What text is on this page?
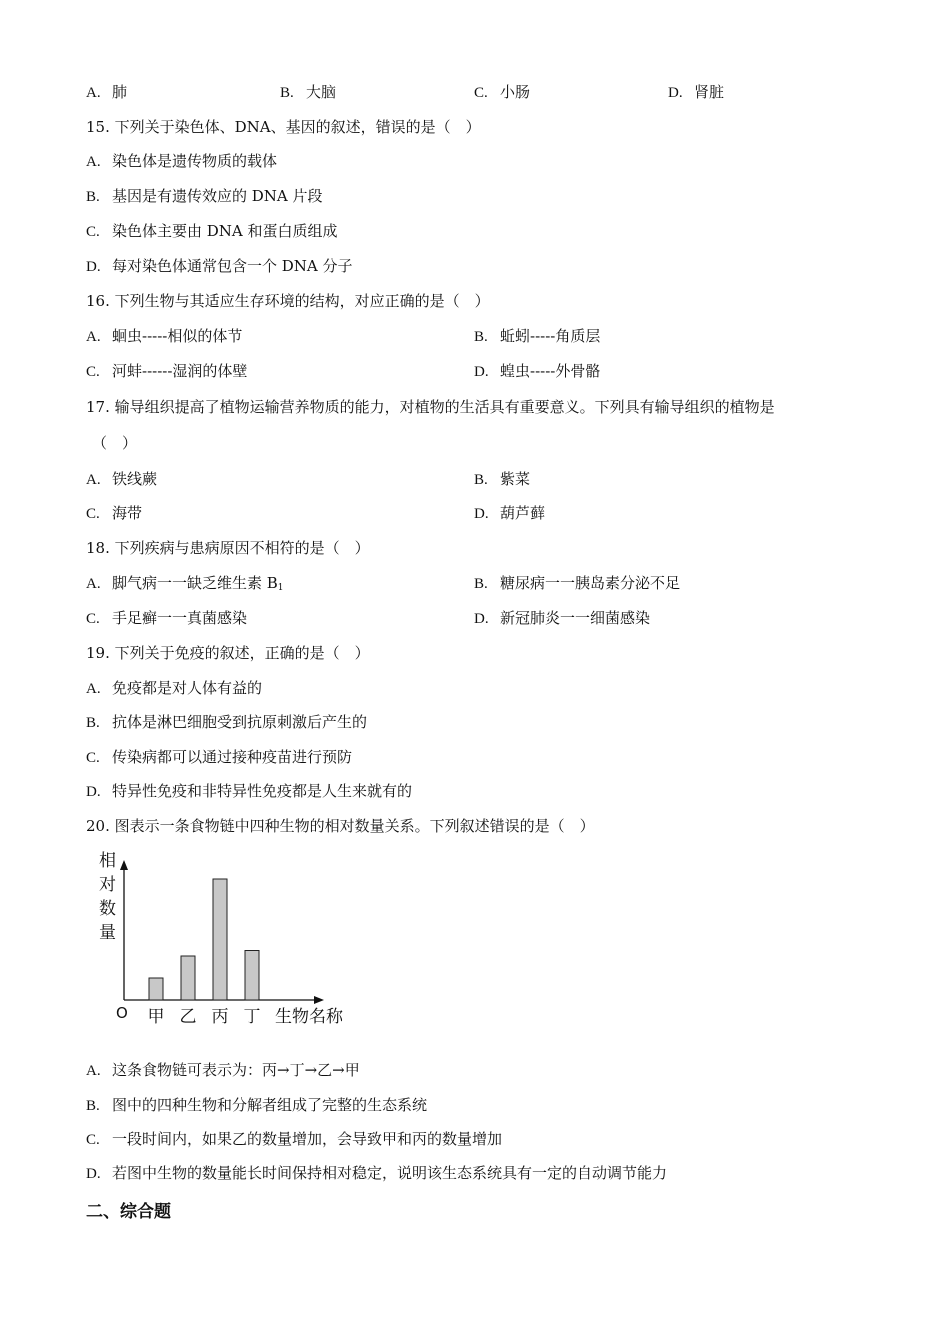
A. 肺	B. 大脑	C. 小肠	D. 肾脏
15. 下列关于染色体、DNA、基因的叙述，错误的是（　）
A. 染色体是遗传物质的载体
B. 基因是有遗传效应的 DNA 片段
C. 染色体主要由 DNA 和蛋白质组成
D. 每对染色体通常包含一个 DNA 分子
16. 下列生物与其适应生存环境的结构，对应正确的是（　）
A. 蛔虫-----相似的体节	B. 蚯蚓-----角质层
C. 河蚌------湿润的体壁	D. 蝗虫-----外骨骼
17. 输导组织提高了植物运输营养物质的能力，对植物的生活具有重要意义。下列具有输导组织的植物是
（　）
A. 铁线蕨	B. 紫菜
C. 海带	D. 葫芦藓
18. 下列疾病与患病原因不相符的是（　）
A. 脚气病一一缺乏维生素 $B_1$	B. 糖尿病一一胰岛素分泌不足
C. 手足癣一一真菌感染	D. 新冠肺炎一一细菌感染
19. 下列关于免疫的叙述，正确的是（　）
A. 免疫都是对人体有益的
B. 抗体是淋巴细胞受到抗原刺激后产生的
C. 传染病都可以通过接种疫苗进行预防
D. 特异性免疫和非特异性免疫都是人生来就有的
20. 图表示一条食物链中四种生物的相对数量关系。下列叙述错误的是（　）
相
对
数
量
O 甲 乙 丙 丁 生物名称
A. 这条食物链可表示为：丙→丁→乙→甲
B. 图中的四种生物和分解者组成了完整的生态系统
C. 一段时间内，如果乙的数量增加，会导致甲和丙的数量增加
D. 若图中生物的数量能长时间保持相对稳定，说明该生态系统具有一定的自动调节能力
二、综合题
